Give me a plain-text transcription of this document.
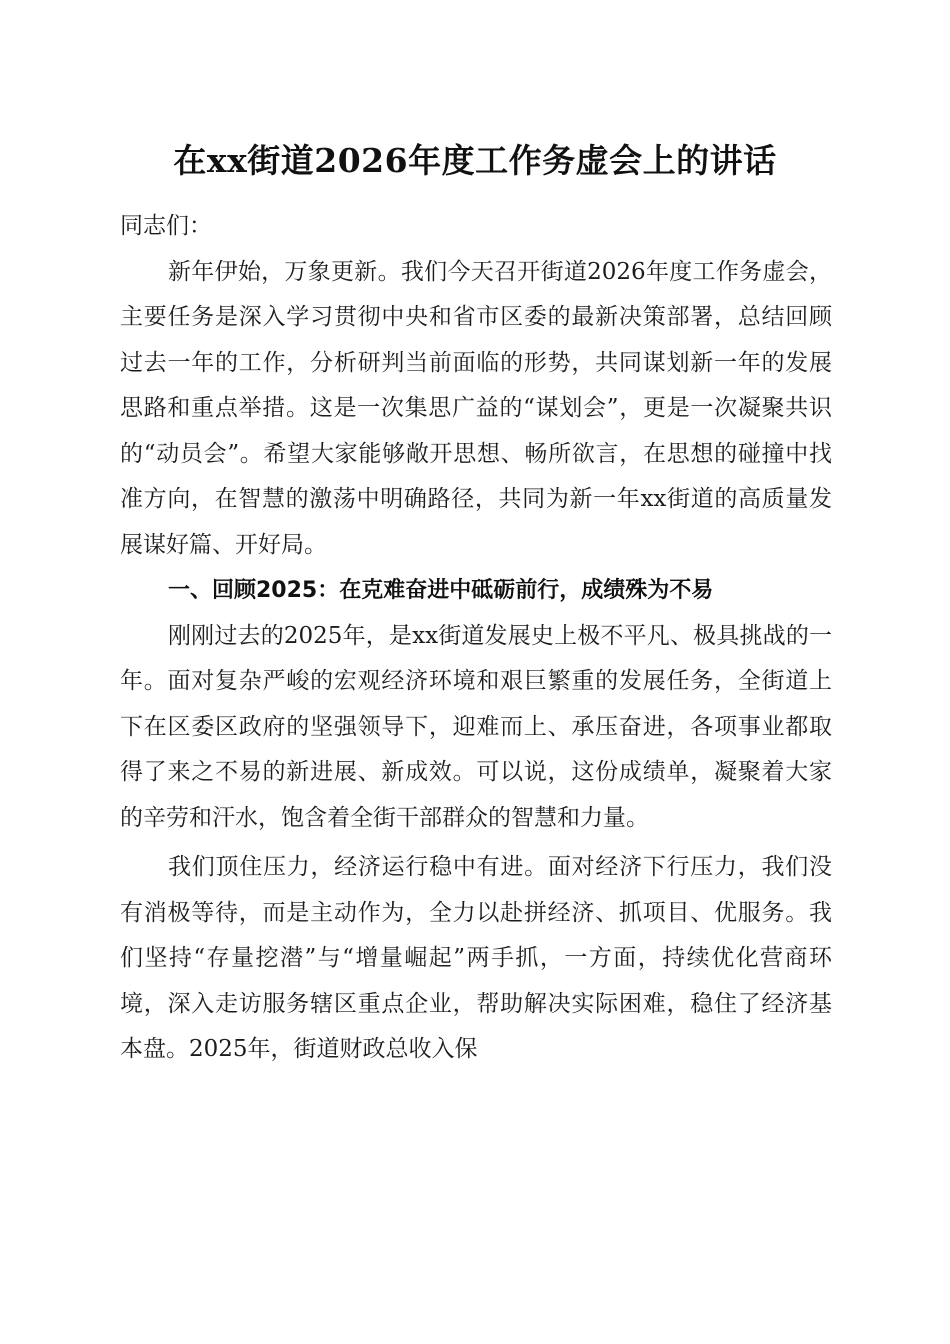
在xx街道2026年度工作务虚会上的讲话

同志们：

新年伊始，万象更新。我们今天召开街道2026年度工作务虚会，主要任务是深入学习贯彻中央和省市区委的最新决策部署，总结回顾过去一年的工作，分析研判当前面临的形势，共同谋划新一年的发展思路和重点举措。这是一次集思广益的“谋划会”，更是一次凝聚共识的“动员会”。希望大家能够敞开思想、畅所欲言，在思想的碰撞中找准方向，在智慧的激荡中明确路径，共同为新一年xx街道的高质量发展谋好篇、开好局。

一、回顾2025：在克难奋进中砥砺前行，成绩殊为不易

刚刚过去的2025年，是xx街道发展史上极不平凡、极具挑战的一年。面对复杂严峻的宏观经济环境和艰巨繁重的发展任务，全街道上下在区委区政府的坚强领导下，迎难而上、承压奋进，各项事业都取得了来之不易的新进展、新成效。可以说，这份成绩单，凝聚着大家的辛劳和汗水，饱含着全街干部群众的智慧和力量。

我们顶住压力，经济运行稳中有进。面对经济下行压力，我们没有消极等待，而是主动作为，全力以赴拼经济、抓项目、优服务。我们坚持“存量挖潜”与“增量崛起”两手抓，一方面，持续优化营商环境，深入走访服务辖区重点企业，帮助解决实际困难，稳住了经济基本盘。2025年，街道财政总收入保
